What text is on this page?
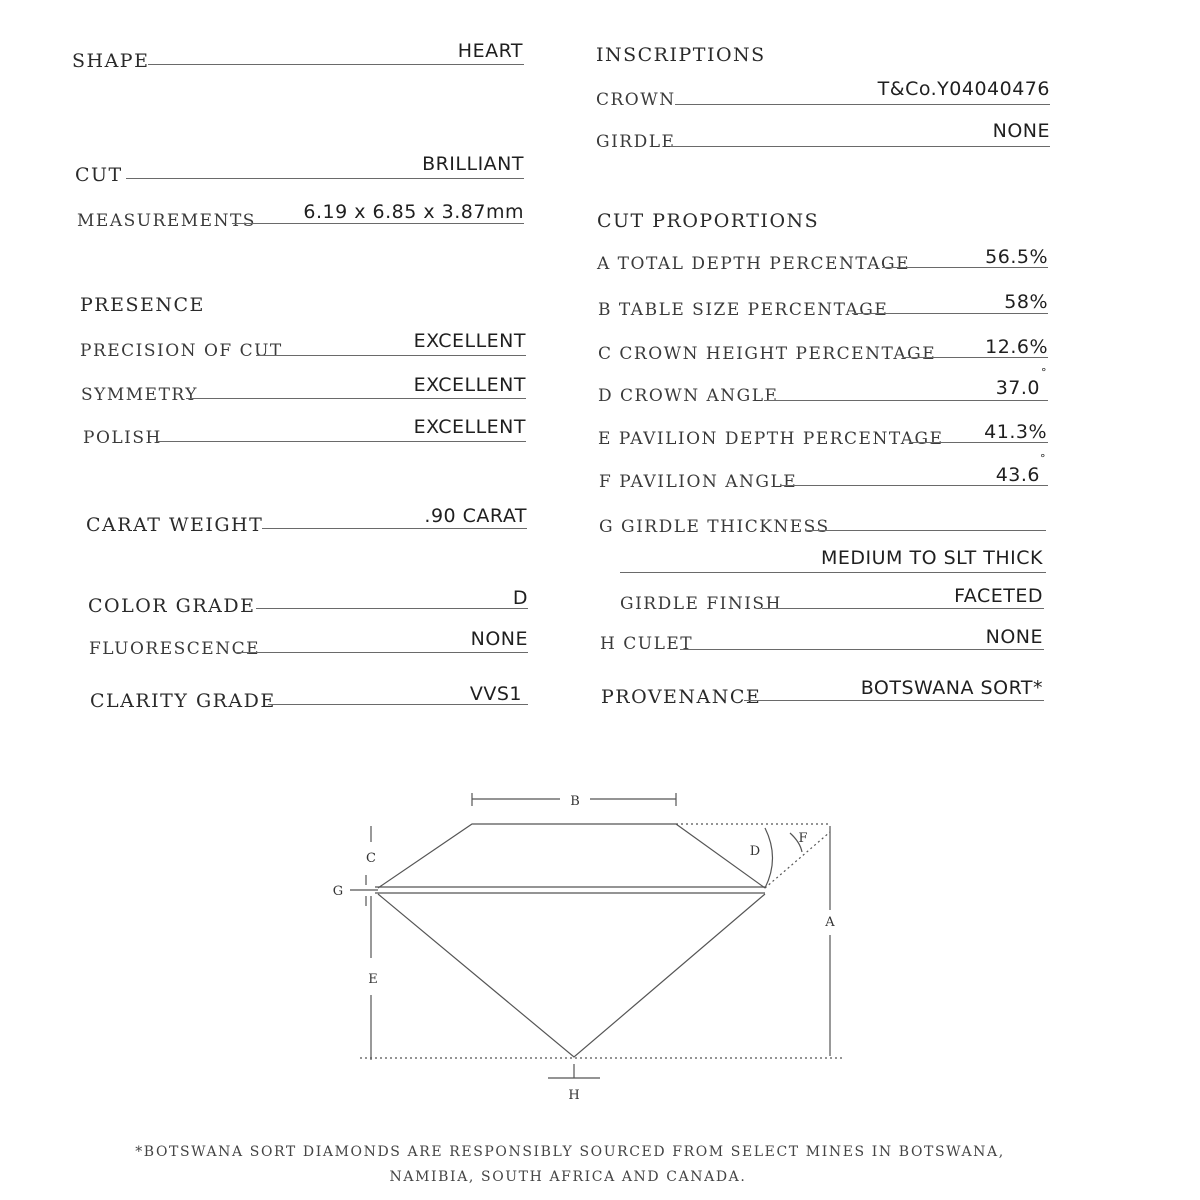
SHAPE	HEART
CUT	BRILLIANT
MEASUREMENTS 6.19 x 6.85 x 3.87mm
PRESENCE
PRECISION OF CUT	EXCELLENT
SYMMETRY	EXCELLENT
POLISH	EXCELLENT
CARAT WEIGHT	.90 CARAT
COLOR GRADE	D
FLUORESCENCE	NONE
CLARITY GRADE	VVS1
INSCRIPTIONS
CROWN	T&Co.Y04040476
GIRDLE	NONE
CUT PROPORTIONS
A TOTAL DEPTH PERCENTAGE	56.5%
B TABLE SIZE PERCENTAGE	58%
C CROWN HEIGHT PERCENTAGE	12.6%
D CROWN ANGLE	37.0
°
E PAVILION DEPTH PERCENTAGE 41.3%
F PAVILION ANGLE	43.6
°
G GIRDLE THICKNESS
MEDIUM TO SLT THICK
GIRDLE FINISH	FACETED
H CULET	NONE
PROVENANCE	BOTSWANA SORT*
B
C
G
E
D
F
A
H
*BOTSWANA SORT DIAMONDS ARE RESPONSIBLY SOURCED FROM SELECT MINES IN BOTSWANA,
NAMIBIA, SOUTH AFRICA AND CANADA.
